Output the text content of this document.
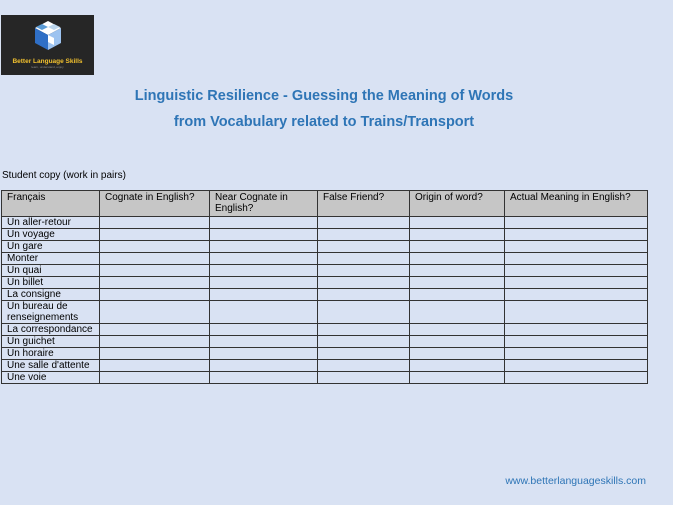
Better Language Skills
learn, understand, enjoy
Linguistic Resilience - Guessing the Meaning of Words
from Vocabulary related to Trains/Transport
Student copy (work in pairs)
Français	Cognate in English?	Near Cognate in English?	False Friend?	Origin of word?	Actual Meaning in English?
Un aller-retour					
Un voyage					
Un gare					
Monter					
Un quai					
Un billet					
La consigne					
Un bureau de renseignements					
La correspondance					
Un guichet					
Un horaire					
Une salle d'attente					
Une voie					
www.betterlanguageskills.com
